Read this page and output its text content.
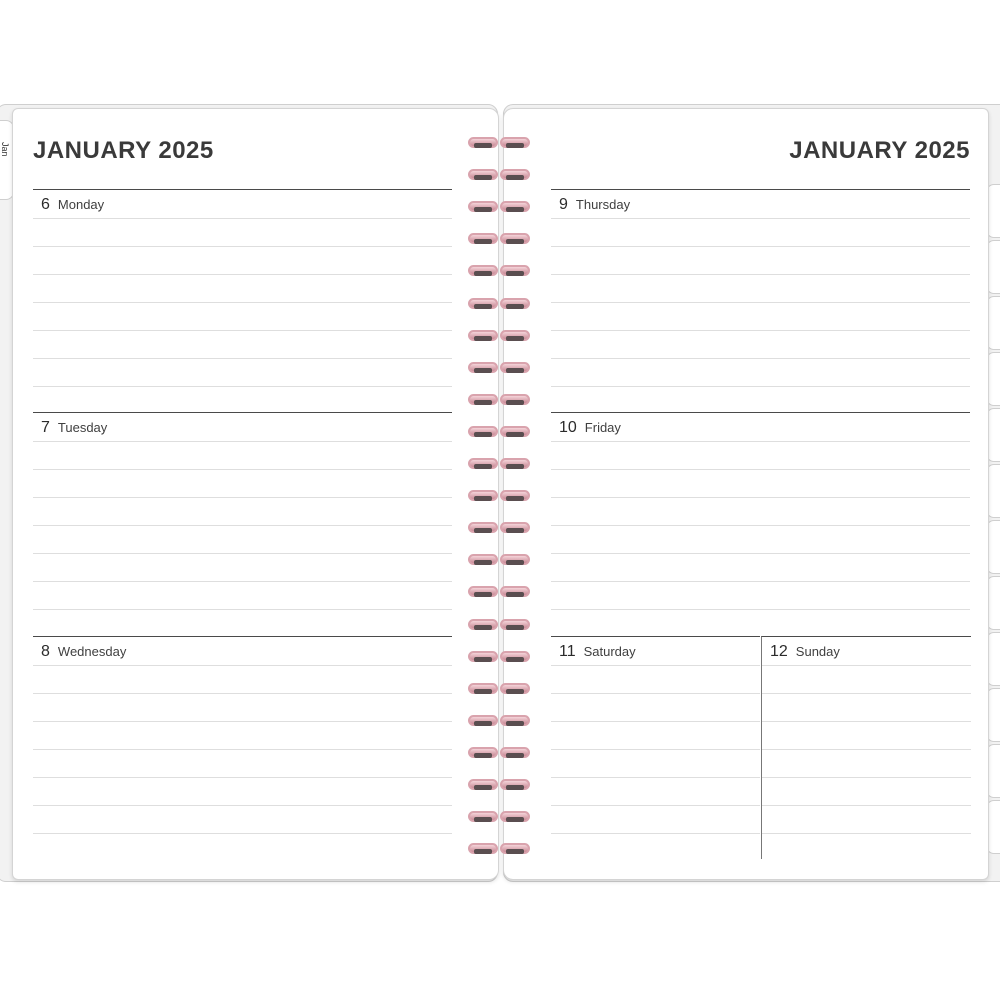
Jan JANUARY 2025
6 Monday
7 Tuesday
8 Wednesday
JANUARY 2025
9 Thursday
10 Friday
11 Saturday	12 Sunday
